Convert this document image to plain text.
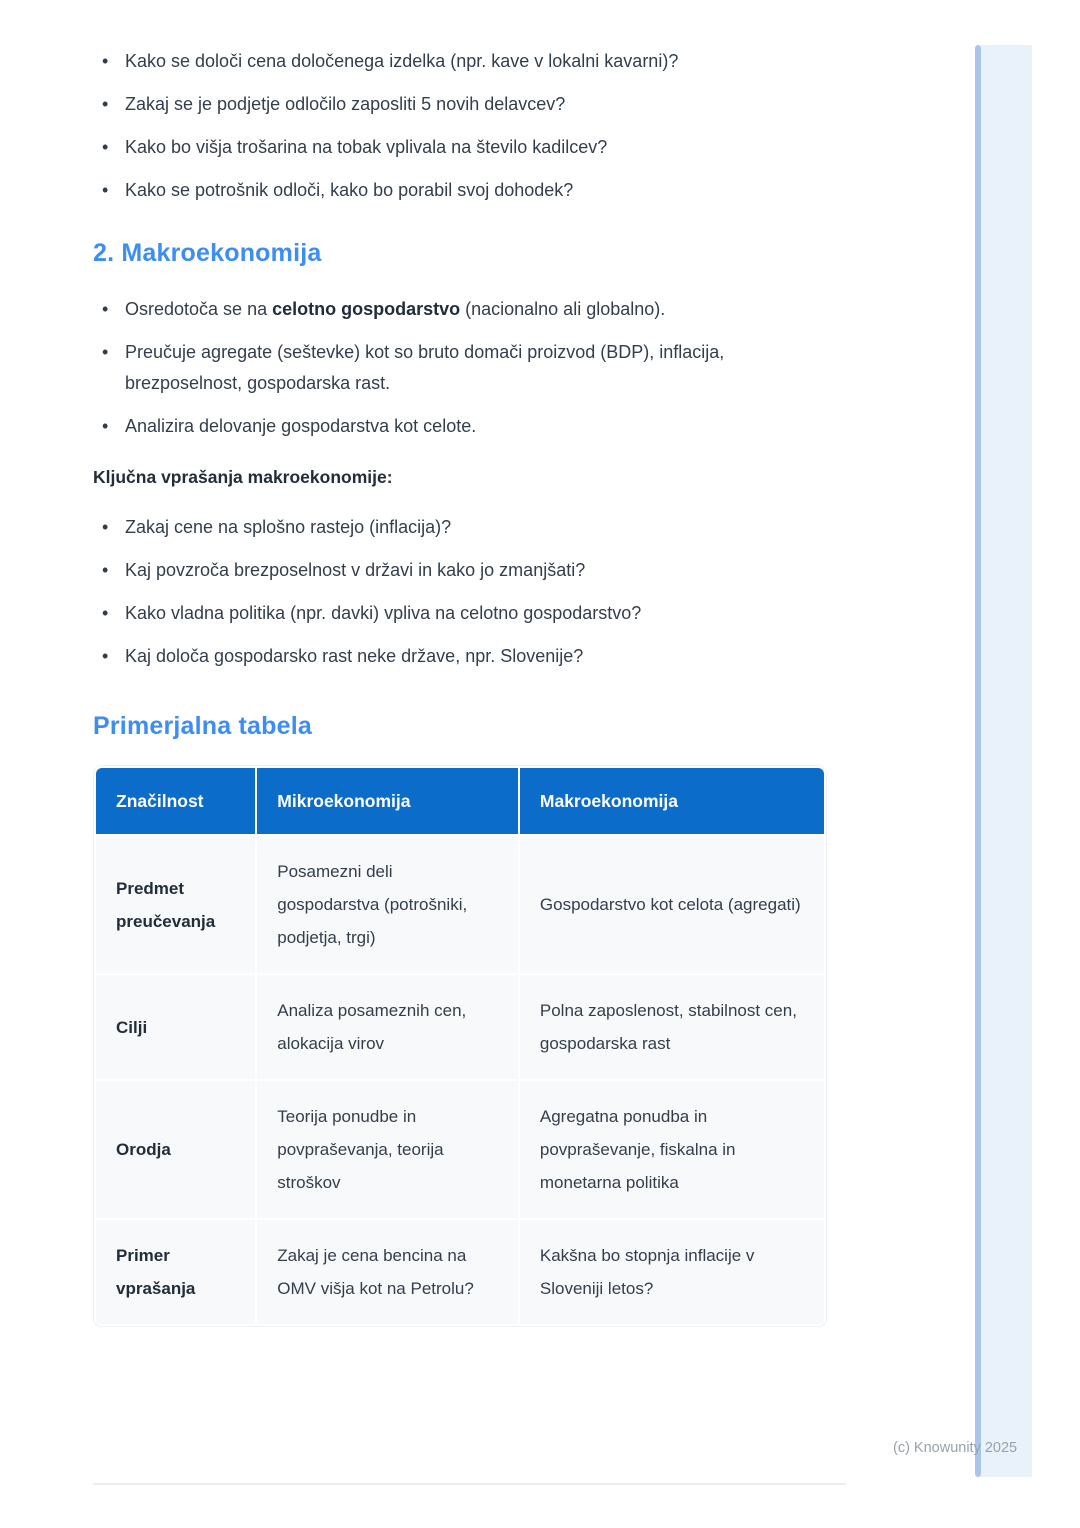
• Kako se določi cena določenega izdelka (npr. kave v lokalni kavarni)?
• Zakaj se je podjetje odločilo zaposliti 5 novih delavcev?
• Kako bo višja trošarina na tobak vplivala na število kadilcev?
• Kako se potrošnik odloči, kako bo porabil svoj dohodek?
2. Makroekonomija
• Osredotoča se na celotno gospodarstvo (nacionalno ali globalno).
• Preučuje agregate (seštevke) kot so bruto domači proizvod (BDP), inflacija, brezposelnost, gospodarska rast.
• Analizira delovanje gospodarstva kot celote.

Ključna vprašanja makroekonomije:

• Zakaj cene na splošno rastejo (inflacija)?
• Kaj povzroča brezposelnost v državi in kako jo zmanjšati?
• Kako vladna politika (npr. davki) vpliva na celotno gospodarstvo?
• Kaj določa gospodarsko rast neke države, npr. Slovenije?
Primerjalna tabela
Značilnost	Mikroekonomija	Makroekonomija
Predmet preučevanja	Posamezni deli gospodarstva (potrošniki, podjetja, trgi)	Gospodarstvo kot celota (agregati)
Cilji	Analiza posameznih cen, alokacija virov	Polna zaposlenost, stabilnost cen, gospodarska rast
Orodja	Teorija ponudbe in povpraševanja, teorija stroškov	Agregatna ponudba in povpraševanje, fiskalna in monetarna politika
Primer vprašanja	Zakaj je cena bencina na OMV višja kot na Petrolu?	Kakšna bo stopnja inflacije v Sloveniji letos?
(c) Knowunity 2025
